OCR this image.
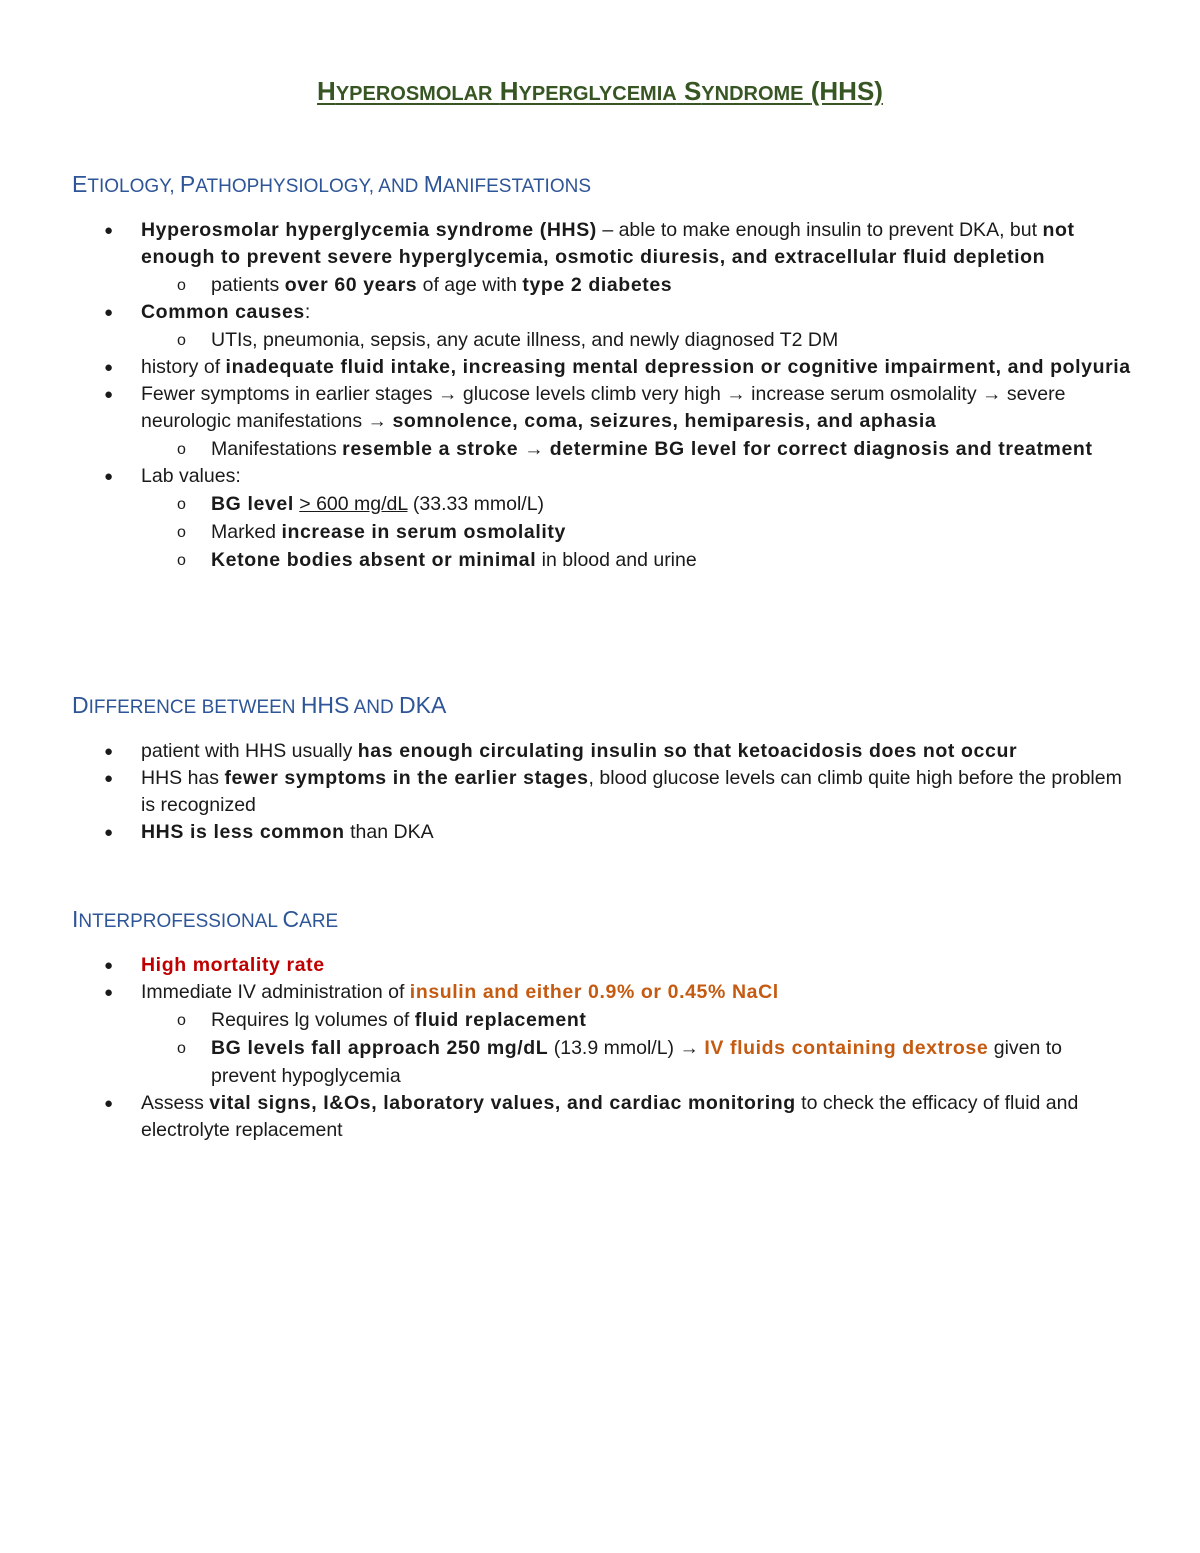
HYPEROSMOLAR HYPERGLYCEMIA SYNDROME (HHS)
ETIOLOGY, PATHOPHYSIOLOGY, AND MANIFESTATIONS
● Hyperosmolar hyperglycemia syndrome (HHS) – able to make enough insulin to prevent DKA, but not enough to prevent severe hyperglycemia, osmotic diuresis, and extracellular fluid depletion
o patients over 60 years of age with type 2 diabetes
● Common causes:
o UTIs, pneumonia, sepsis, any acute illness, and newly diagnosed T2 DM
● history of inadequate fluid intake, increasing mental depression or cognitive impairment, and polyuria
● Fewer symptoms in earlier stages → glucose levels climb very high → increase serum osmolality → severe neurologic manifestations → somnolence, coma, seizures, hemiparesis, and aphasia
o Manifestations resemble a stroke → determine BG level for correct diagnosis and treatment
● Lab values:
o BG level > 600 mg/dL (33.33 mmol/L)
o Marked increase in serum osmolality
o Ketone bodies absent or minimal in blood and urine
DIFFERENCE BETWEEN HHS AND DKA
● patient with HHS usually has enough circulating insulin so that ketoacidosis does not occur
● HHS has fewer symptoms in the earlier stages, blood glucose levels can climb quite high before the problem is recognized
● HHS is less common than DKA
INTERPROFESSIONAL CARE
● High mortality rate
● Immediate IV administration of insulin and either 0.9% or 0.45% NaCl
o Requires lg volumes of fluid replacement
o BG levels fall approach 250 mg/dL (13.9 mmol/L) → IV fluids containing dextrose given to prevent hypoglycemia
● Assess vital signs, I&Os, laboratory values, and cardiac monitoring to check the efficacy of fluid and electrolyte replacement
